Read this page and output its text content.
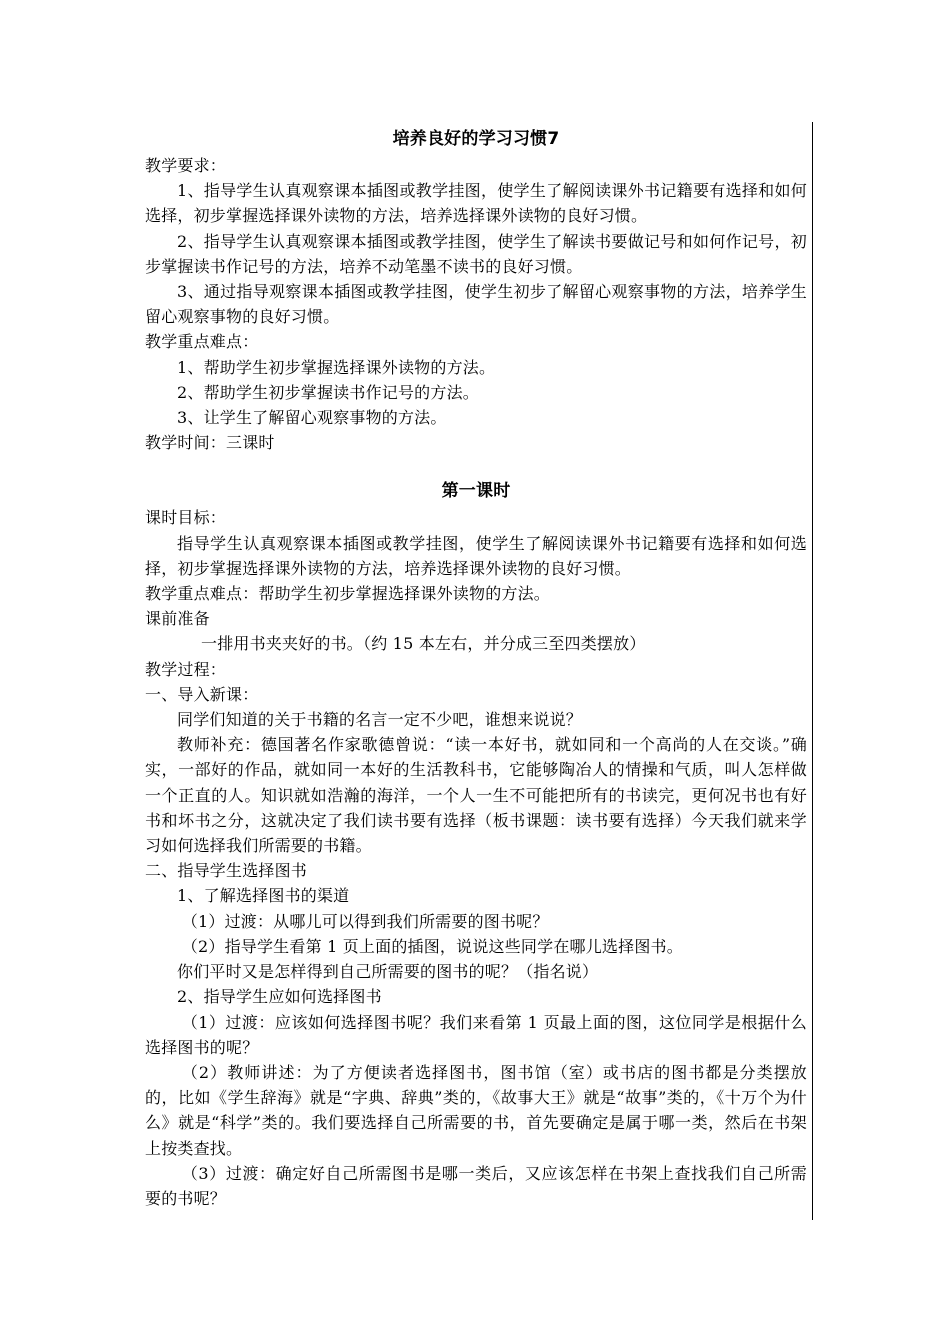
培养良好的学习习惯7

教学要求：

1、指导学生认真观察课本插图或教学挂图，使学生了解阅读课外书记籍要有选择和如何选择，初步掌握选择课外读物的方法，培养选择课外读物的良好习惯。

2、指导学生认真观察课本插图或教学挂图，使学生了解读书要做记号和如何作记号，初步掌握读书作记号的方法，培养不动笔墨不读书的良好习惯。

3、通过指导观察课本插图或教学挂图，使学生初步了解留心观察事物的方法，培养学生留心观察事物的良好习惯。

教学重点难点：

1、帮助学生初步掌握选择课外读物的方法。

2、帮助学生初步掌握读书作记号的方法。

3、让学生了解留心观察事物的方法。

教学时间：三课时

第一课时

课时目标：

指导学生认真观察课本插图或教学挂图，使学生了解阅读课外书记籍要有选择和如何选择，初步掌握选择课外读物的方法，培养选择课外读物的良好习惯。

教学重点难点：帮助学生初步掌握选择课外读物的方法。

课前准备

一排用书夹夹好的书。（约 15 本左右，并分成三至四类摆放）

教学过程：

一、导入新课：

同学们知道的关于书籍的名言一定不少吧，谁想来说说？

教师补充：德国著名作家歌德曾说：“读一本好书，就如同和一个高尚的人在交谈。”确实，一部好的作品，就如同一本好的生活教科书，它能够陶冶人的情操和气质，叫人怎样做一个正直的人。知识就如浩瀚的海洋，一个人一生不可能把所有的书读完，更何况书也有好书和坏书之分，这就决定了我们读书要有选择（板书课题：读书要有选择）今天我们就来学习如何选择我们所需要的书籍。

二、指导学生选择图书

1、了解选择图书的渠道

（1）过渡：从哪儿可以得到我们所需要的图书呢？

（2）指导学生看第 1 页上面的插图，说说这些同学在哪儿选择图书。

你们平时又是怎样得到自己所需要的图书的呢？（指名说）

2、指导学生应如何选择图书

（1）过渡：应该如何选择图书呢？我们来看第 1 页最上面的图，这位同学是根据什么选择图书的呢？

（2）教师讲述：为了方便读者选择图书，图书馆（室）或书店的图书都是分类摆放的，比如《学生辞海》就是“字典、辞典”类的，《故事大王》就是“故事”类的，《十万个为什么》就是“科学”类的。我们要选择自己所需要的书，首先要确定是属于哪一类，然后在书架上按类查找。

（3）过渡：确定好自己所需图书是哪一类后，又应该怎样在书架上查找我们自己所需要的书呢？
